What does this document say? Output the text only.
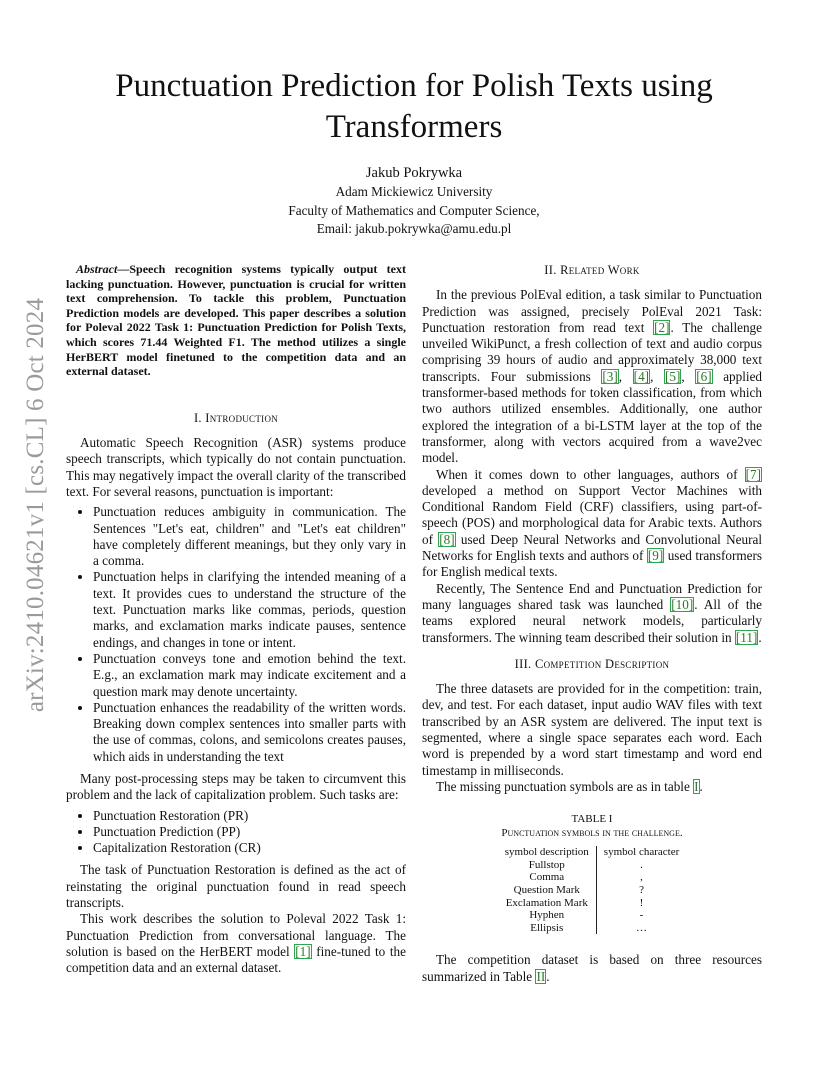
arXiv:2410.04621v1 [cs.CL] 6 Oct 2024
Punctuation Prediction for Polish Texts using Transformers
Jakub Pokrywka
Adam Mickiewicz University
Faculty of Mathematics and Computer Science,
Email: jakub.pokrywka@amu.edu.pl

Abstract—Speech recognition systems typically output text lacking punctuation. However, punctuation is crucial for written text comprehension. To tackle this problem, Punctuation Prediction models are developed. This paper describes a solution for Poleval 2022 Task 1: Punctuation Prediction for Polish Texts, which scores 71.44 Weighted F1. The method utilizes a single HerBERT model finetuned to the competition data and an external dataset.

I. Introduction

Automatic Speech Recognition (ASR) systems produce speech transcripts, which typically do not contain punctuation. This may negatively impact the overall clarity of the transcribed text. For several reasons, punctuation is important:

• Punctuation reduces ambiguity in communication. The Sentences "Let's eat, children" and "Let's eat children" have completely different meanings, but they only vary in a comma.
• Punctuation helps in clarifying the intended meaning of a text. It provides cues to understand the structure of the text. Punctuation marks like commas, periods, question marks, and exclamation marks indicate pauses, sentence endings, and changes in tone or intent.
• Punctuation conveys tone and emotion behind the text. E.g., an exclamation mark may indicate excitement and a question mark may denote uncertainty.
• Punctuation enhances the readability of the written words. Breaking down complex sentences into smaller parts with the use of commas, colons, and semicolons creates pauses, which aids in understanding the text

Many post-processing steps may be taken to circumvent this problem and the lack of capitalization problem. Such tasks are:

• Punctuation Restoration (PR)
• Punctuation Prediction (PP)
• Capitalization Restoration (CR)

The task of Punctuation Restoration is defined as the act of reinstating the original punctuation found in read speech transcripts.

This work describes the solution to Poleval 2022 Task 1: Punctuation Prediction from conversational language. The solution is based on the HerBERT model [1] fine-tuned to the competition data and an external dataset.

II. Related Work

In the previous PolEval edition, a task similar to Punctuation Prediction was assigned, precisely PolEval 2021 Task: Punctuation restoration from read text [2]. The challenge unveiled WikiPunct, a fresh collection of text and audio corpus comprising 39 hours of audio and approximately 38,000 text transcripts. Four submissions [3], [4], [5], [6] applied transformer-based methods for token classification, from which two authors utilized ensembles. Additionally, one author explored the integration of a bi-LSTM layer at the top of the transformer, along with vectors acquired from a wave2vec model.

When it comes down to other languages, authors of [7] developed a method on Support Vector Machines with Conditional Random Field (CRF) classifiers, using part-of-speech (POS) and morphological data for Arabic texts. Authors of [8] used Deep Neural Networks and Convolutional Neural Networks for English texts and authors of [9] used transformers for English medical texts.

Recently, The Sentence End and Punctuation Prediction for many languages shared task was launched [10]. All of the teams explored neural network models, particularly transformers. The winning team described their solution in [11].

III. Competition Description

The three datasets are provided for in the competition: train, dev, and test. For each dataset, input audio WAV files with text transcribed by an ASR system are delivered. The input text is segmented, where a single space separates each word. Each word is prepended by a word start timestamp and word end timestamp in milliseconds.

The missing punctuation symbols are as in table I.

TABLE I
Punctuation symbols in the challenge.
symbol description	symbol character
Fullstop	.
Comma	,
Question Mark	?
Exclamation Mark	!
Hyphen	-
Ellipsis	…

The competition dataset is based on three resources summarized in Table II.
